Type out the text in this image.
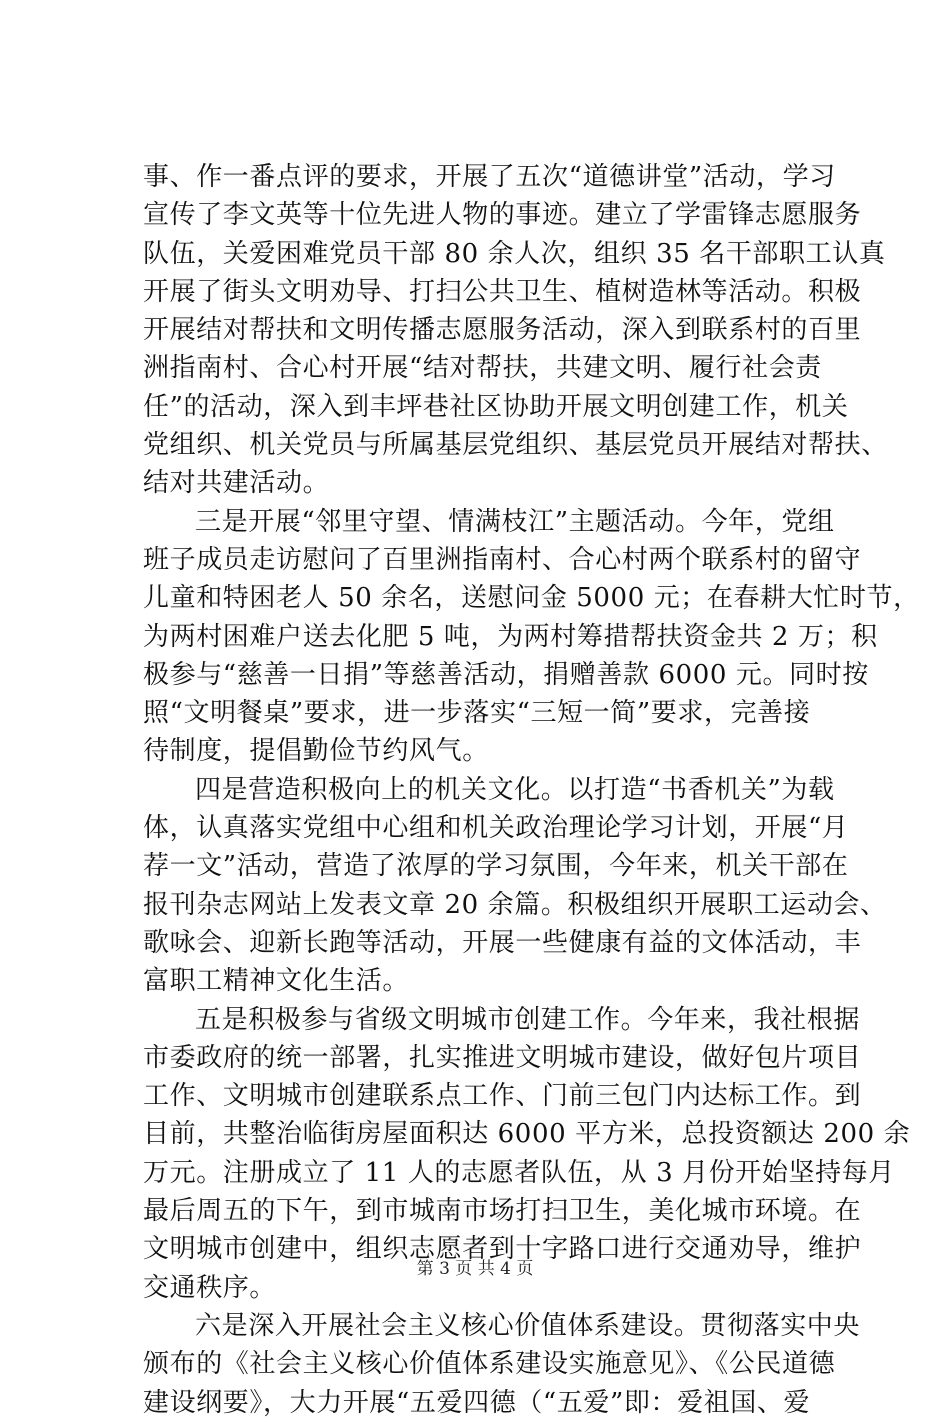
事、作一番点评的要求，开展了五次“道德讲堂”活动，学习
宣传了李文英等十位先进人物的事迹。建立了学雷锋志愿服务
队伍，关爱困难党员干部 80 余人次，组织 35 名干部职工认真
开展了街头文明劝导、打扫公共卫生、植树造林等活动。积极
开展结对帮扶和文明传播志愿服务活动，深入到联系村的百里
洲指南村、合心村开展“结对帮扶，共建文明、履行社会责
任”的活动，深入到丰坪巷社区协助开展文明创建工作，机关
党组织、机关党员与所属基层党组织、基层党员开展结对帮扶、
结对共建活动。
三是开展“邻里守望、情满枝江”主题活动。今年，党组
班子成员走访慰问了百里洲指南村、合心村两个联系村的留守
儿童和特困老人 50 余名，送慰问金 5000 元；在春耕大忙时节，
为两村困难户送去化肥 5 吨，为两村筹措帮扶资金共 2 万；积
极参与“慈善一日捐”等慈善活动，捐赠善款 6000 元。同时按
照“文明餐桌”要求，进一步落实“三短一简”要求，完善接
待制度，提倡勤俭节约风气。
四是营造积极向上的机关文化。以打造“书香机关”为载
体，认真落实党组中心组和机关政治理论学习计划，开展“月
荐一文”活动，营造了浓厚的学习氛围，今年来，机关干部在
报刊杂志网站上发表文章 20 余篇。积极组织开展职工运动会、
歌咏会、迎新长跑等活动，开展一些健康有益的文体活动，丰
富职工精神文化生活。
五是积极参与省级文明城市创建工作。今年来，我社根据
市委政府的统一部署，扎实推进文明城市建设，做好包片项目
工作、文明城市创建联系点工作、门前三包门内达标工作。到
目前，共整治临街房屋面积达 6000 平方米，总投资额达 200 余
万元。注册成立了 11 人的志愿者队伍，从 3 月份开始坚持每月
最后周五的下午，到市城南市场打扫卫生，美化城市环境。在
文明城市创建中，组织志愿者到十字路口进行交通劝导，维护
交通秩序。
六是深入开展社会主义核心价值体系建设。贯彻落实中央
颁布的《社会主义核心价值体系建设实施意见》、《公民道德
建设纲要》，大力开展“五爱四德（“五爱”即：爱祖国、爱
第 3 页 共 4 页
